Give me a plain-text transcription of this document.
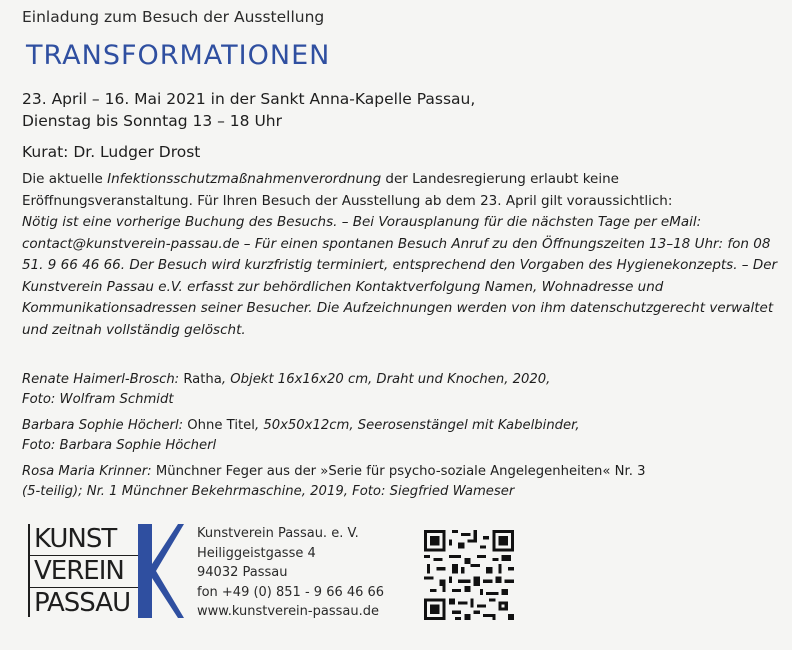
Einladung zum Besuch der Ausstellung
TRANSFORMATIONEN
23. April – 16. Mai 2021 in der Sankt Anna-Kapelle Passau,
Dienstag bis Sonntag 13 – 18 Uhr
Kurat: Dr. Ludger Drost

Die aktuelle Infektionsschutzmaßnahmenverordnung der Landesregierung erlaubt keine Eröffnungsveranstaltung. Für Ihren Besuch der Ausstellung ab dem 23. April gilt voraussichtlich:

Nötig ist eine vorherige Buchung des Besuchs. – Bei Vorausplanung für die nächsten Tage per eMail: contact@kunstverein-passau.de – Für einen spontanen Besuch Anruf zu den Öffnungszeiten 13–18 Uhr: fon 08 51. 9 66 46 66. Der Besuch wird kurzfristig terminiert, entsprechend den Vorgaben des Hygienekonzepts. – Der Kunstverein Passau e.V. erfasst zur behördlichen Kontaktverfolgung Namen, Wohnadresse und Kommunikationsadressen seiner Besucher. Die Aufzeichnungen werden von ihm datenschutzgerecht verwaltet und zeitnah vollständig gelöscht.

Renate Haimerl-Brosch: Ratha, Objekt 16x16x20 cm, Draht und Knochen, 2020,
Foto: Wolfram Schmidt
Barbara Sophie Höcherl: Ohne Titel, 50x50x12cm, Seerosenstängel mit Kabelbinder,
Foto: Barbara Sophie Höcherl
Rosa Maria Krinner: Münchner Feger aus der »Serie für psycho-soziale Angelegenheiten« Nr. 3
(5-teilig); Nr. 1 Münchner Bekehrmaschine, 2019, Foto: Siegfried Wameser
KUNST
VEREIN
PASSAU
Kunstverein Passau. e. V.
Heiliggeistgasse 4
94032 Passau
fon +49 (0) 851 - 9 66 46 66
www.kunstverein-passau.de
